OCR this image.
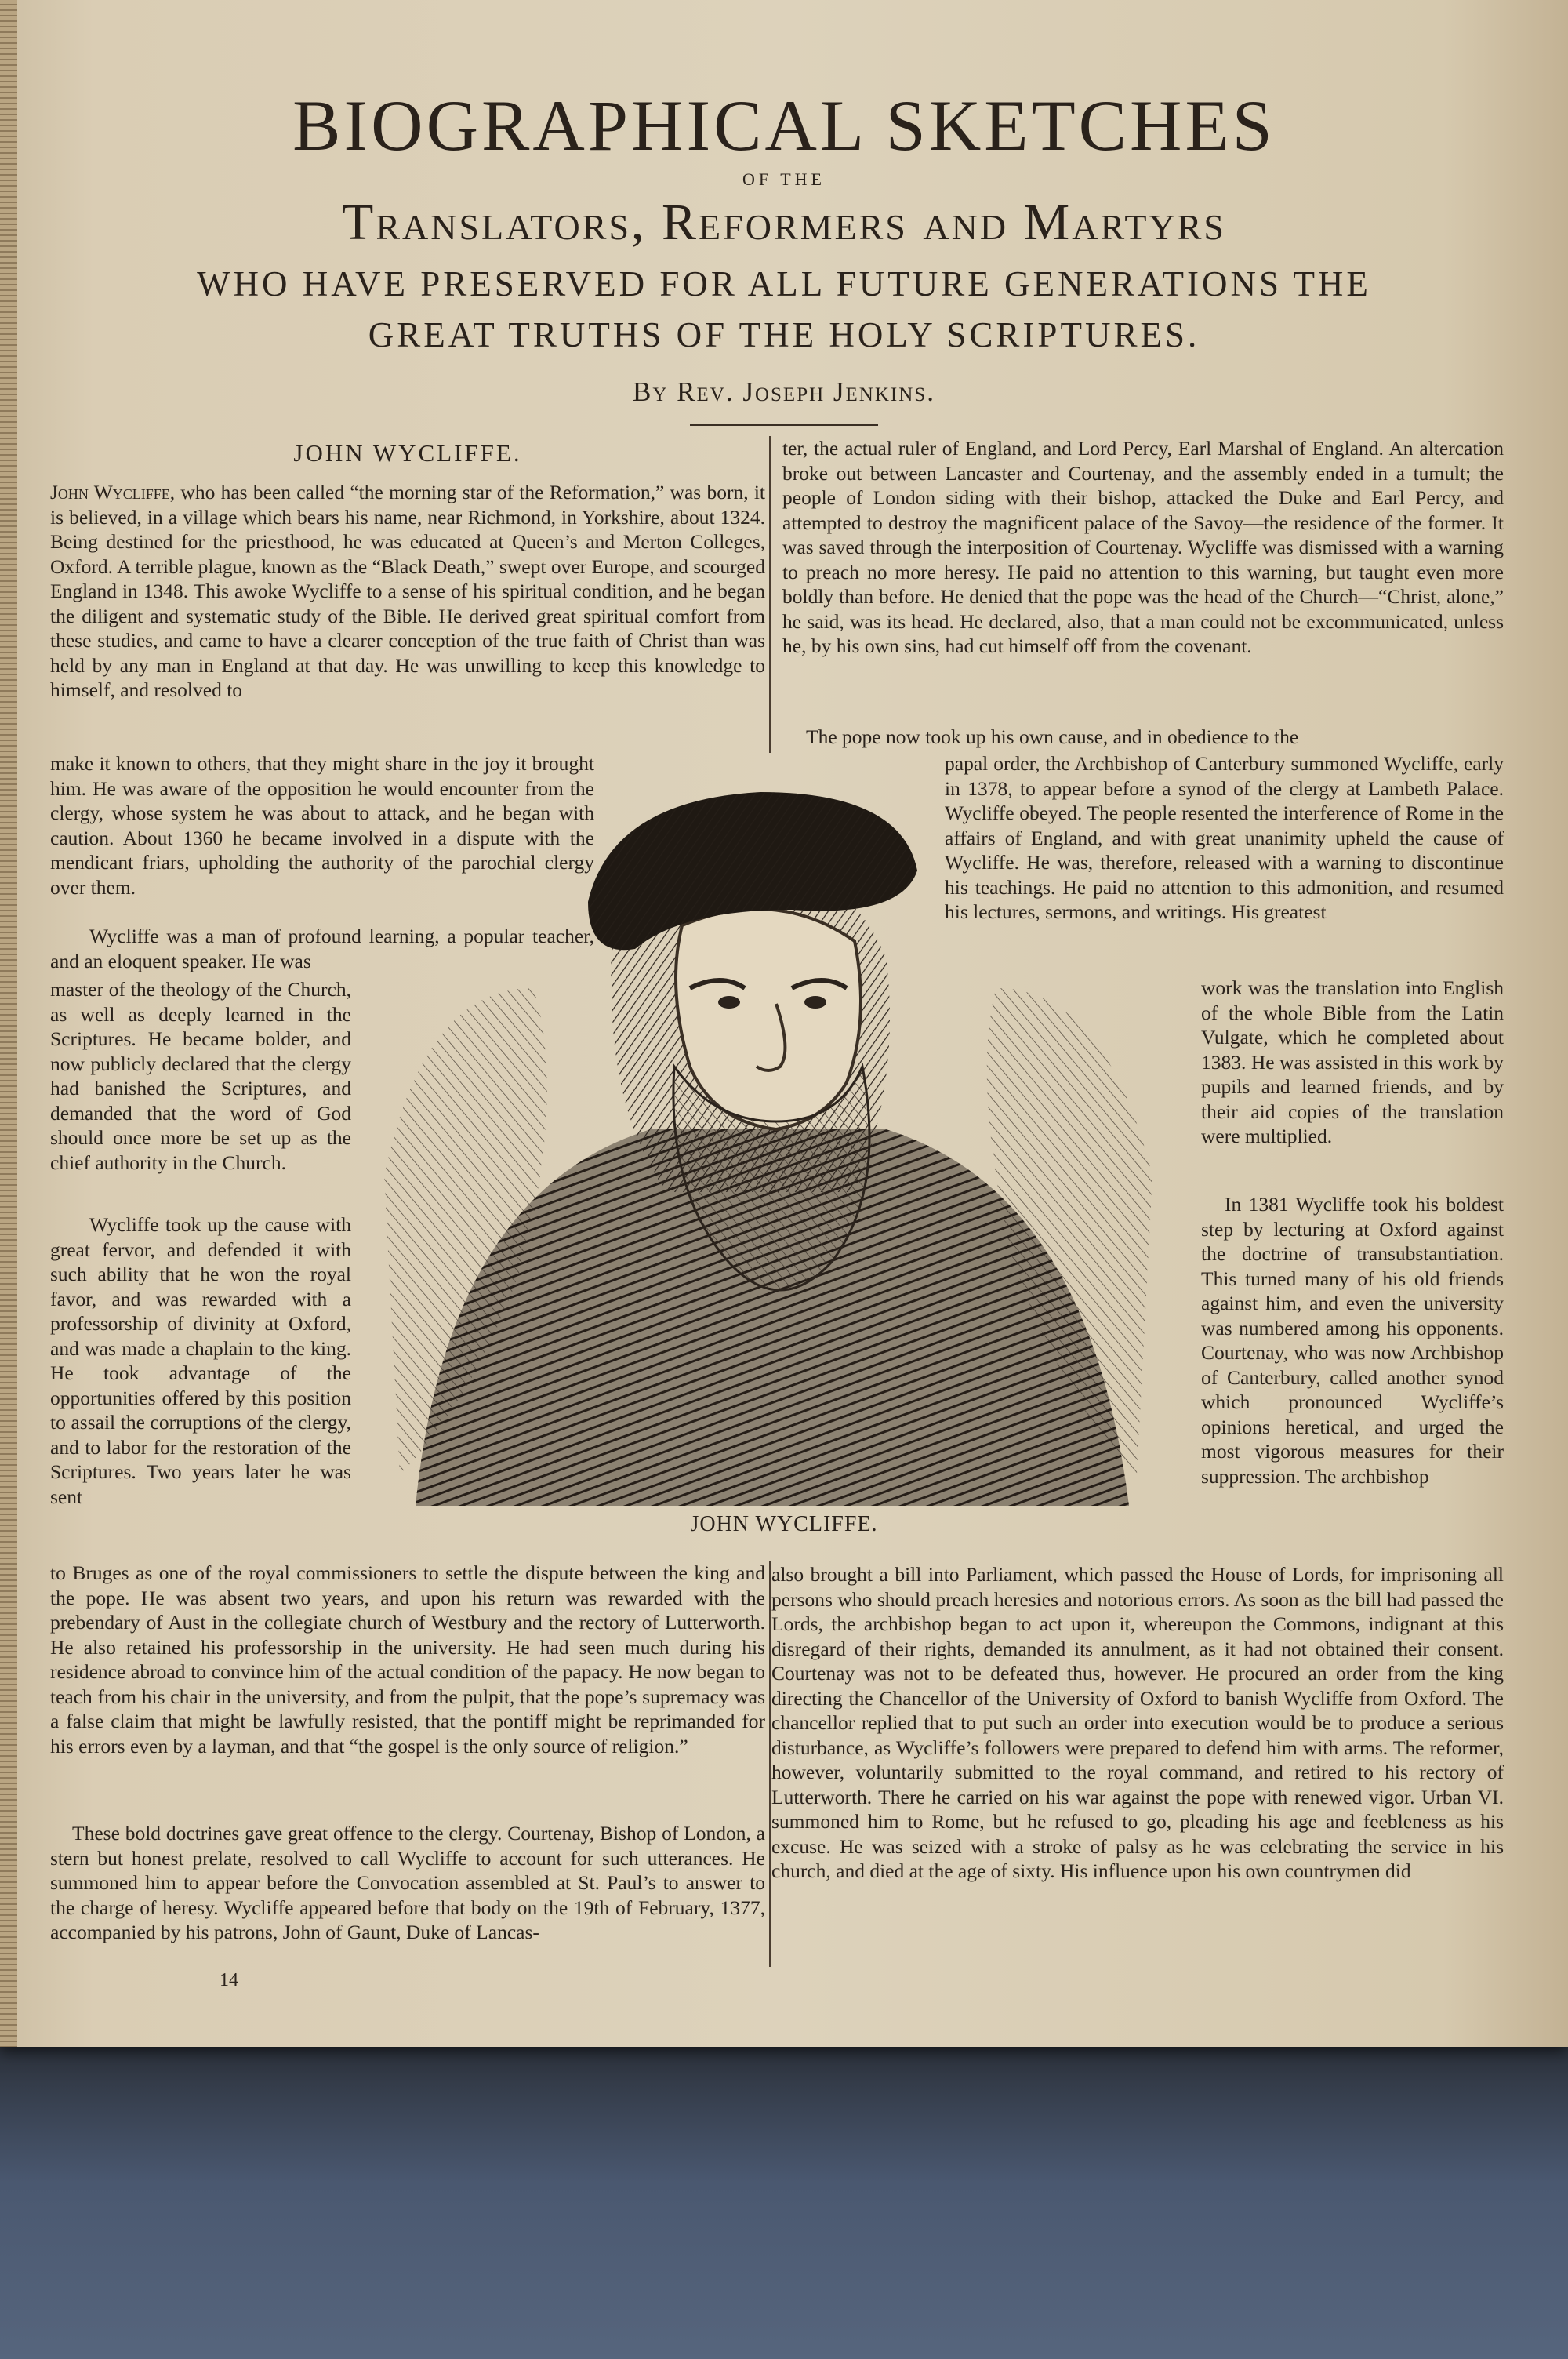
BIOGRAPHICAL SKETCHES
OF THE
Translators, Reformers and Martyrs
WHO HAVE PRESERVED FOR ALL FUTURE GENERATIONS THE
GREAT TRUTHS OF THE HOLY SCRIPTURES.
By Rev. Joseph Jenkins.
JOHN WYCLIFFE.

John Wycliffe, who has been called “the morning star of the Reformation,” was born, it is believed, in a village which bears his name, near Richmond, in Yorkshire, about 1324. Being destined for the priesthood, he was educated at Queen’s and Merton Colleges, Oxford. A terrible plague, known as the “Black Death,” swept over Europe, and scourged England in 1348. This awoke Wycliffe to a sense of his spiritual condition, and he began the diligent and systematic study of the Bible. He derived great spiritual comfort from these studies, and came to have a clearer conception of the true faith of Christ than was held by any man in England at that day. He was unwilling to keep this knowledge to himself, and resolved to

make it known to others, that they might share in the joy it brought him. He was aware of the opposition he would encounter from the clergy, whose system he was about to attack, and he began with caution. About 1360 he became involved in a dispute with the mendicant friars, upholding the authority of the parochial clergy over them.

Wycliffe was a man of profound learning, a popular teacher, and an eloquent speaker. He was

master of the theology of the Church, as well as deeply learned in the Scriptures. He became bolder, and now publicly declared that the clergy had banished the Scriptures, and demanded that the word of God should once more be set up as the chief authority in the Church.

Wycliffe took up the cause with great fervor, and defended it with such ability that he won the royal favor, and was rewarded with a professorship of divinity at Oxford, and was made a chaplain to the king. He took advantage of the opportunities offered by this position to assail the corruptions of the clergy, and to labor for the restoration of the Scriptures. Two years later he was sent

to Bruges as one of the royal commissioners to settle the dispute between the king and the pope. He was absent two years, and upon his return was rewarded with the prebendary of Aust in the collegiate church of Westbury and the rectory of Lutterworth. He also retained his professorship in the university. He had seen much during his residence abroad to convince him of the actual condition of the papacy. He now began to teach from his chair in the university, and from the pulpit, that the pope’s supremacy was a false claim that might be lawfully resisted, that the pontiff might be reprimanded for his errors even by a layman, and that “the gospel is the only source of religion.”

These bold doctrines gave great offence to the clergy. Courtenay, Bishop of London, a stern but honest prelate, resolved to call Wycliffe to account for such utterances. He summoned him to appear before the Convocation assembled at St. Paul’s to answer to the charge of heresy. Wycliffe appeared before that body on the 19th of February, 1377, accompanied by his patrons, John of Gaunt, Duke of Lancas-

ter, the actual ruler of England, and Lord Percy, Earl Marshal of England. An altercation broke out between Lancaster and Courtenay, and the assembly ended in a tumult; the people of London siding with their bishop, attacked the Duke and Earl Percy, and attempted to destroy the magnificent palace of the Savoy—the residence of the former. It was saved through the interposition of Courtenay. Wycliffe was dismissed with a warning to preach no more heresy. He paid no attention to this warning, but taught even more boldly than before. He denied that the pope was the head of the Church—“Christ, alone,” he said, was its head. He declared, also, that a man could not be excommunicated, unless he, by his own sins, had cut himself off from the covenant.

The pope now took up his own cause, and in obedience to the

papal order, the Archbishop of Canterbury summoned Wycliffe, early in 1378, to appear before a synod of the clergy at Lambeth Palace. Wycliffe obeyed. The people resented the interference of Rome in the affairs of England, and with great unanimity upheld the cause of Wycliffe. He was, therefore, released with a warning to discontinue his teachings. He paid no attention to this admonition, and resumed his lectures, sermons, and writings. His greatest

work was the translation into English of the whole Bible from the Latin Vulgate, which he completed about 1383. He was assisted in this work by pupils and learned friends, and by their aid copies of the translation were multiplied.

In 1381 Wycliffe took his boldest step by lecturing at Oxford against the doctrine of transubstantiation. This turned many of his old friends against him, and even the university was numbered among his opponents. Courtenay, who was now Archbishop of Canterbury, called another synod which pronounced Wycliffe’s opinions heretical, and urged the most vigorous measures for their suppression. The archbishop

also brought a bill into Parliament, which passed the House of Lords, for imprisoning all persons who should preach heresies and notorious errors. As soon as the bill had passed the Lords, the archbishop began to act upon it, whereupon the Commons, indignant at this disregard of their rights, demanded its annulment, as it had not obtained their consent. Courtenay was not to be defeated thus, however. He procured an order from the king directing the Chancellor of the University of Oxford to banish Wycliffe from Oxford. The chancellor replied that to put such an order into execution would be to produce a serious disturbance, as Wycliffe’s followers were prepared to defend him with arms. The reformer, however, voluntarily submitted to the royal command, and retired to his rectory of Lutterworth. There he carried on his war against the pope with renewed vigor. Urban VI. summoned him to Rome, but he refused to go, pleading his age and feebleness as his excuse. He was seized with a stroke of palsy as he was celebrating the service in his church, and died at the age of sixty. His influence upon his own countrymen did

JOHN WYCLIFFE.
14
